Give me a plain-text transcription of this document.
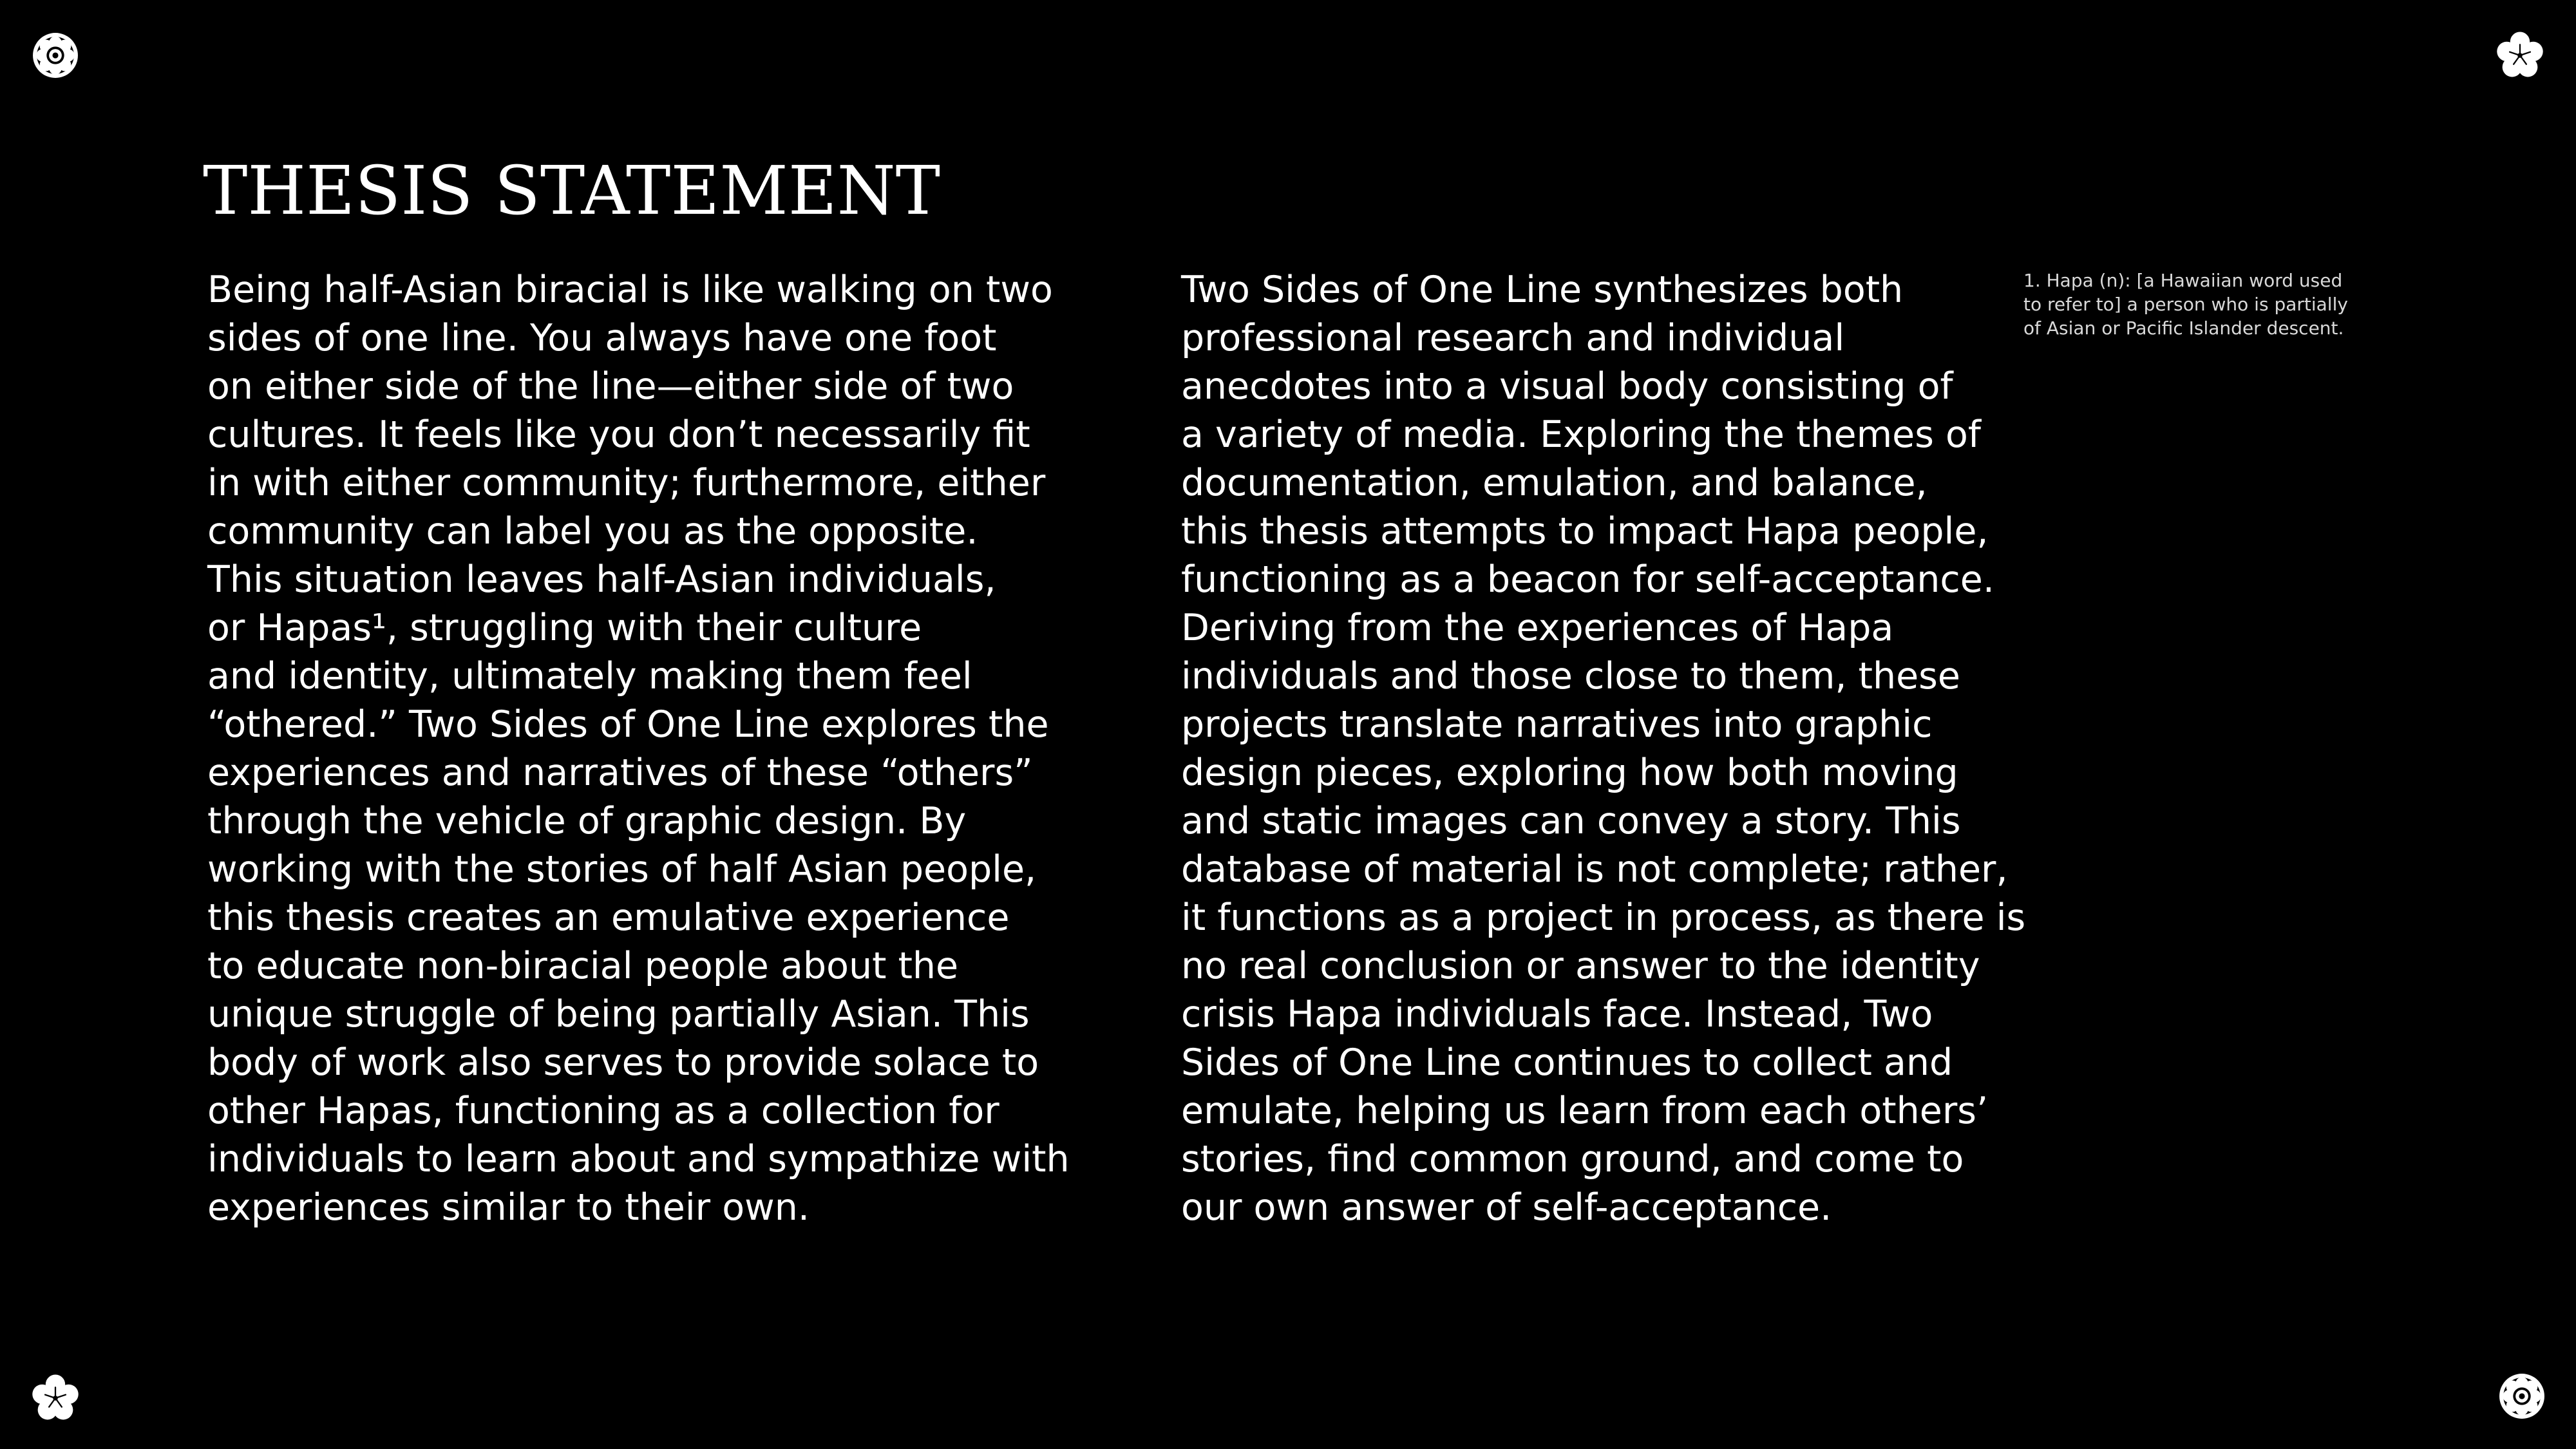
THESIS STATEMENT
Being half-Asian biracial is like walking on two
sides of one line. You always have one foot
on either side of the line—either side of two
cultures. It feels like you don’t necessarily fit
in with either community; furthermore, either
community can label you as the opposite.
This situation leaves half-Asian individuals,
or Hapas¹, struggling with their culture
and identity, ultimately making them feel
“othered.” Two Sides of One Line explores the
experiences and narratives of these “others”
through the vehicle of graphic design. By
working with the stories of half Asian people,
this thesis creates an emulative experience
to educate non-biracial people about the
unique struggle of being partially Asian. This
body of work also serves to provide solace to
other Hapas, functioning as a collection for
individuals to learn about and sympathize with
experiences similar to their own.
Two Sides of One Line synthesizes both
professional research and individual
anecdotes into a visual body consisting of
a variety of media. Exploring the themes of
documentation, emulation, and balance,
this thesis attempts to impact Hapa people,
functioning as a beacon for self-acceptance.
Deriving from the experiences of Hapa
individuals and those close to them, these
projects translate narratives into graphic
design pieces, exploring how both moving
and static images can convey a story. This
database of material is not complete; rather,
it functions as a project in process, as there is
no real conclusion or answer to the identity
crisis Hapa individuals face. Instead, Two
Sides of One Line continues to collect and
emulate, helping us learn from each others’
stories, find common ground, and come to
our own answer of self-acceptance.
1. Hapa (n): [a Hawaiian word used
to refer to] a person who is partially
of Asian or Pacific Islander descent.
